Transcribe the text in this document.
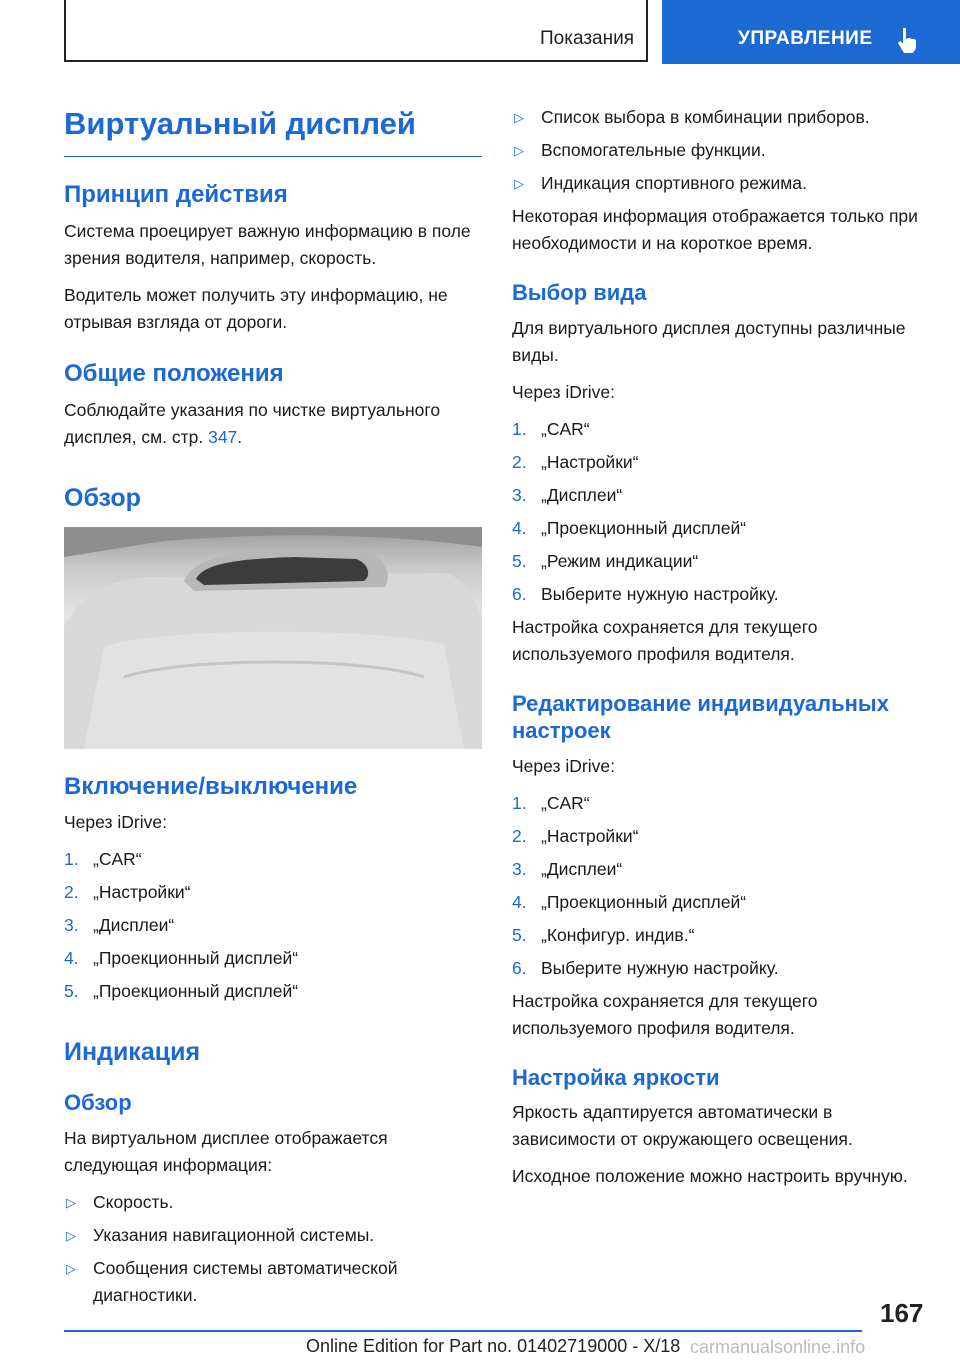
Показания	УПРАВЛЕНИЕ
Виртуальный дисплей
Принцип действия

Система проецирует важную информацию в поле зрения водителя, например, скорость.

Водитель может получить эту информацию, не отрывая взгляда от дороги.

Общие положения

Соблюдайте указания по чистке виртуального дисплея, см. стр. 347.

Обзор
Включение/выключение

Через iDrive:

1. „CAR“
2. „Настройки“
3. „Дисплеи“
4. „Проекционный дисплей“
5. „Проекционный дисплей“
Индикация
Обзор

На виртуальном дисплее отображается следующая информация:

▷ Скорость.
▷ Указания навигационной системы.
▷ Сообщения системы автоматической диагностики.
▷ Список выбора в комбинации приборов.
▷ Вспомогательные функции.
▷ Индикация спортивного режима.

Некоторая информация отображается только при необходимости и на короткое время.

Выбор вида

Для виртуального дисплея доступны различные виды.

Через iDrive:

1. „CAR“
2. „Настройки“
3. „Дисплеи“
4. „Проекционный дисплей“
5. „Режим индикации“
6. Выберите нужную настройку.

Настройка сохраняется для текущего используемого профиля водителя.

Редактирование индивидуальных настроек

Через iDrive:

1. „CAR“
2. „Настройки“
3. „Дисплеи“
4. „Проекционный дисплей“
5. „Конфигур. индив.“
6. Выберите нужную настройку.

Настройка сохраняется для текущего используемого профиля водителя.

Настройка яркости

Яркость адаптируется автоматически в зависимости от окружающего освещения.

Исходное положение можно настроить вручную.

167
Online Edition for Part no. 01402719000 - X/18 carmanualsonline.info
